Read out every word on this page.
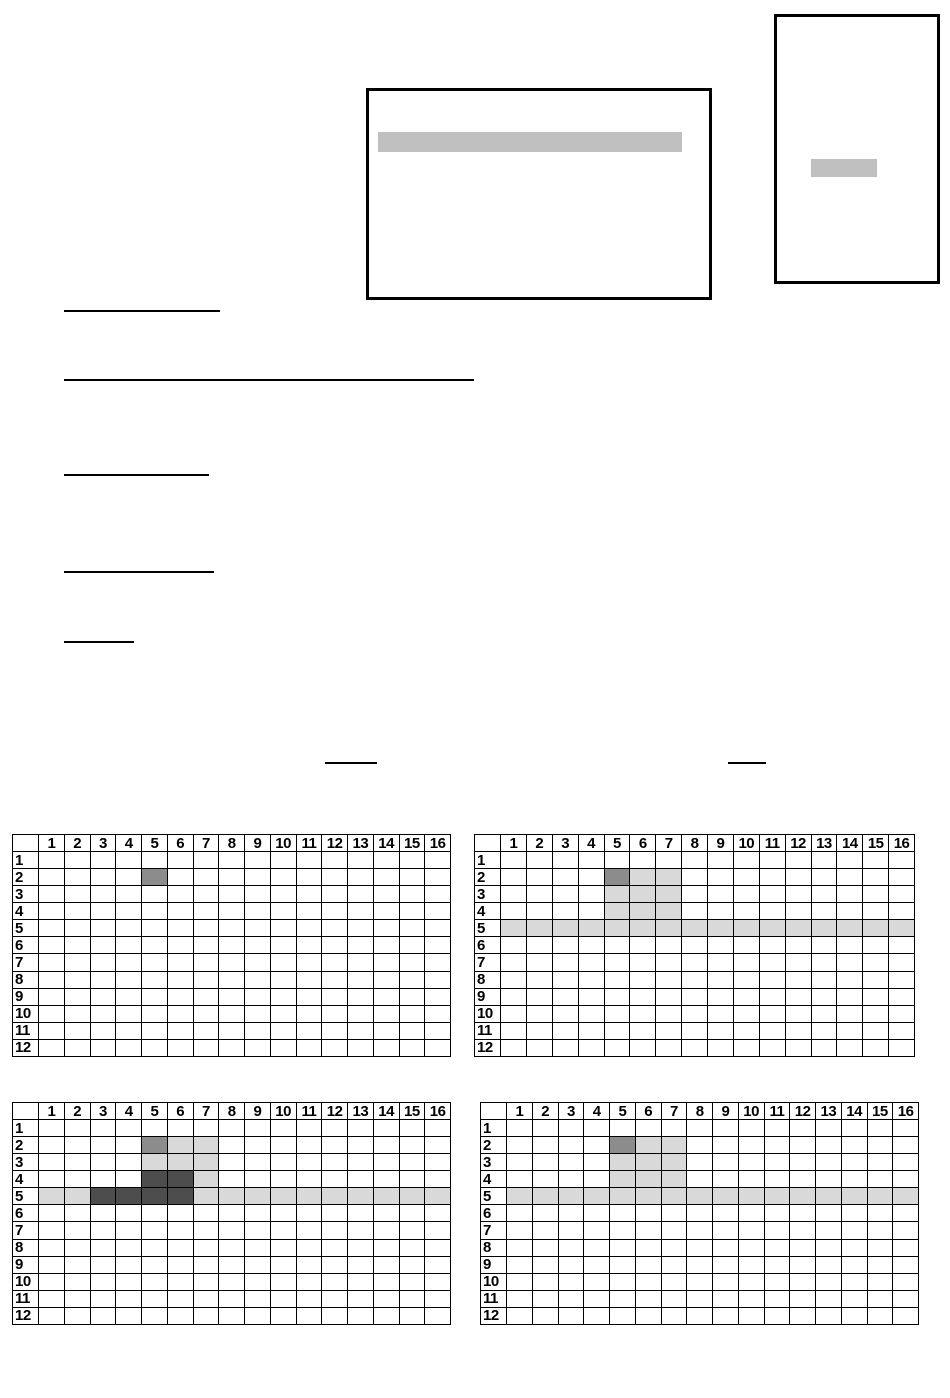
	1	2	3	4	5	6	7	8	9	10	11	12	13	14	15	16
1																
2																
3																
4																
5																
6																
7																
8																
9																
10																
11																
12																
	1	2	3	4	5	6	7	8	9	10	11	12	13	14	15	16
1																
2																
3																
4																
5																
6																
7																
8																
9																
10																
11																
12																
	1	2	3	4	5	6	7	8	9	10	11	12	13	14	15	16
1																
2																
3																
4																
5																
6																
7																
8																
9																
10																
11																
12																
	1	2	3	4	5	6	7	8	9	10	11	12	13	14	15	16
1																
2																
3																
4																
5																
6																
7																
8																
9																
10																
11																
12																
